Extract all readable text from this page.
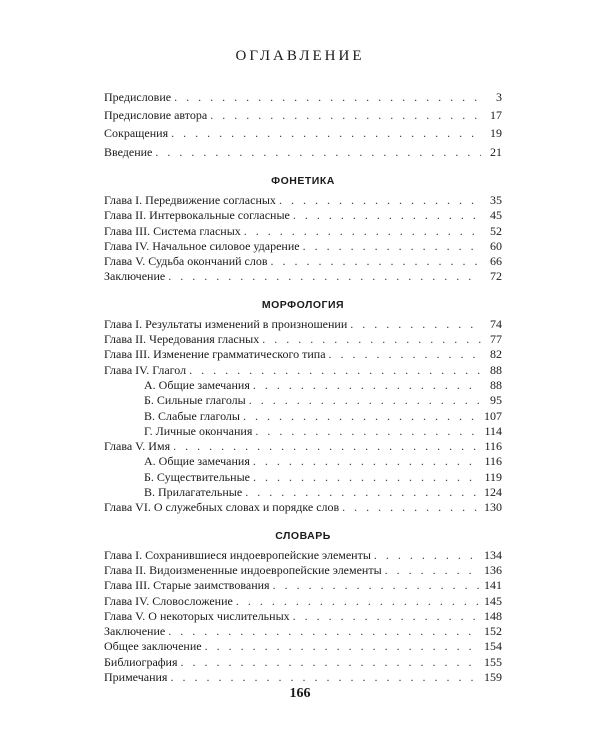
ОГЛАВЛЕНИЕ
Предисловие . . .	3
Предисловие автора . . .	17
Сокращения . . .	19
Введение . . .	21
ФОНЕТИКА
Глава I. Передвижение согласных . . .	35
Глава II. Интервокальные согласные . . .	45
Глава III. Система гласных . . .	52
Глава IV. Начальное силовое ударение . . .	60
Глава V. Судьба окончаний слов . . .	66
Заключение . . .	72
МОРФОЛОГИЯ
Глава I. Результаты изменений в произношении . . .	74
Глава II. Чередования гласных . . .	77
Глава III. Изменение грамматического типа . . .	82
Глава IV. Глагол . . .	88
А. Общие замечания . . .	88
Б. Сильные глаголы . . .	95
В. Слабые глаголы . . .	107
Г. Личные окончания . . .	114
Глава V. Имя . . .	116
А. Общие замечания . . .	116
Б. Существительные . . .	119
В. Прилагательные . . .	124
Глава VI. О служебных словах и порядке слов . . .	130
СЛОВАРЬ
Глава I. Сохранившиеся индоевропейские элементы . . .	134
Глава II. Видоизмененные индоевропейские элементы . . .	136
Глава III. Старые заимствования . . .	141
Глава IV. Словосложение . . .	145
Глава V. О некоторых числительных . . .	148
Заключение . . .	152
Общее заключение . . .	154
Библиография . . .	155
Примечания . . .	159
166
